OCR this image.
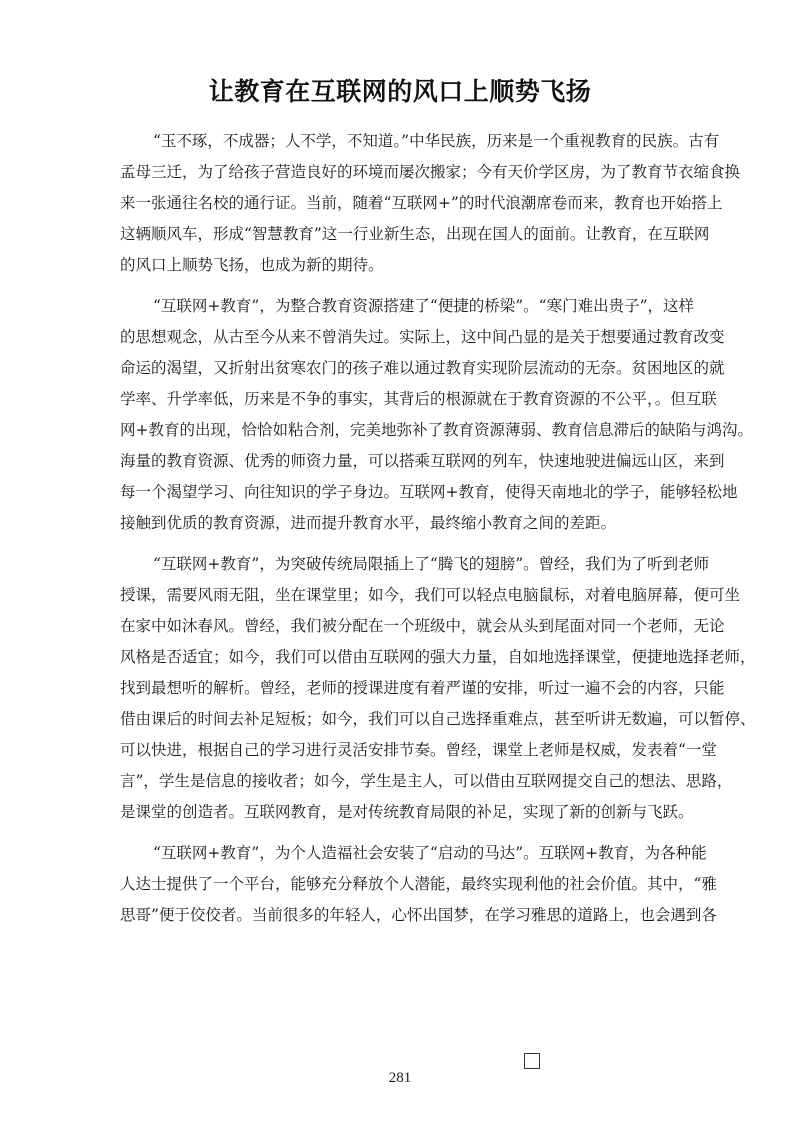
让教育在互联网的风口上顺势飞扬
“玉不琢，不成器；人不学，不知道。”中华民族，历来是一个重视教育的民族。古有
孟母三迁，为了给孩子营造良好的环境而屡次搬家；今有天价学区房，为了教育节衣缩食换
来一张通往名校的通行证。当前，随着“互联网+”的时代浪潮席卷而来，教育也开始搭上
这辆顺风车，形成“智慧教育”这一行业新生态，出现在国人的面前。让教育，在互联网
的风口上顺势飞扬，也成为新的期待。
“互联网+教育”，为整合教育资源搭建了“便捷的桥梁”。“寒门难出贵子”，这样
的思想观念，从古至今从来不曾消失过。实际上，这中间凸显的是关于想要通过教育改变
命运的渴望，又折射出贫寒农门的孩子难以通过教育实现阶层流动的无奈。贫困地区的就
学率、升学率低，历来是不争的事实，其背后的根源就在于教育资源的不公平，。但互联
网+教育的出现，恰恰如粘合剂，完美地弥补了教育资源薄弱、教育信息滞后的缺陷与鸿沟。
海量的教育资源、优秀的师资力量，可以搭乘互联网的列车，快速地驶进偏远山区，来到
每一个渴望学习、向往知识的学子身边。互联网+教育，使得天南地北的学子，能够轻松地
接触到优质的教育资源，进而提升教育水平，最终缩小教育之间的差距。
“互联网+教育”，为突破传统局限插上了“腾飞的翅膀”。曾经，我们为了听到老师
授课，需要风雨无阻，坐在课堂里；如今，我们可以轻点电脑鼠标，对着电脑屏幕，便可坐
在家中如沐春风。曾经，我们被分配在一个班级中，就会从头到尾面对同一个老师，无论
风格是否适宜；如今，我们可以借由互联网的强大力量，自如地选择课堂，便捷地选择老师，
找到最想听的解析。曾经，老师的授课进度有着严谨的安排，听过一遍不会的内容，只能
借由课后的时间去补足短板；如今，我们可以自己选择重难点，甚至听讲无数遍，可以暂停、
可以快进，根据自己的学习进行灵活安排节奏。曾经，课堂上老师是权威，发表着“一堂
言”，学生是信息的接收者；如今，学生是主人，可以借由互联网提交自己的想法、思路，
是课堂的创造者。互联网教育，是对传统教育局限的补足，实现了新的创新与飞跃。
“互联网+教育”，为个人造福社会安装了“启动的马达”。互联网+教育，为各种能
人达士提供了一个平台，能够充分释放个人潜能，最终实现利他的社会价值。其中，“雅
思哥”便于佼佼者。当前很多的年轻人，心怀出国梦，在学习雅思的道路上，也会遇到各
281
